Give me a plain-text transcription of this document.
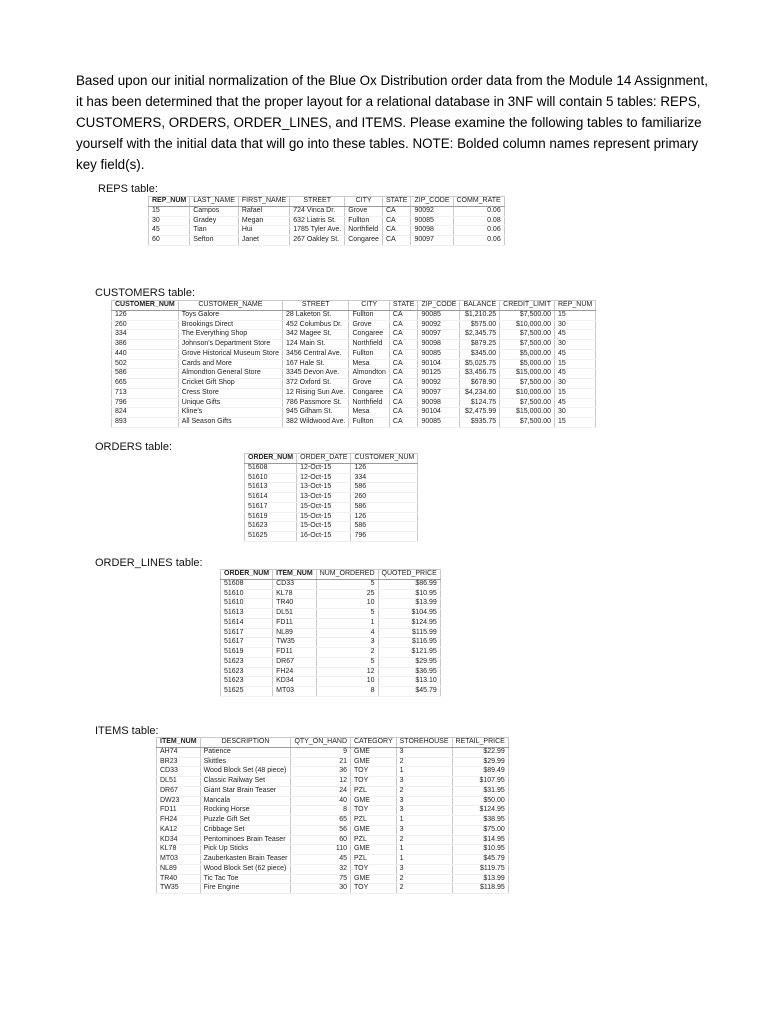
Based upon our initial normalization of the Blue Ox Distribution order data from the Module 14 Assignment, it has been determined that the proper layout for a relational database in 3NF will contain 5 tables: REPS, CUSTOMERS, ORDERS, ORDER_LINES, and ITEMS. Please examine the following tables to familiarize yourself with the initial data that will go into these tables. NOTE: Bolded column names represent primary key field(s).

REPS table:
REP_NUM	LAST_NAME	FIRST_NAME	STREET	CITY	STATE	ZIP_CODE	COMM_RATE
15	Campos	Rafael	724 Vinca Dr.	Grove	CA	90092	0.06
30	Gradey	Megan	632 Liatris St.	Fullton	CA	90085	0.08
45	Tian	Hui	1785 Tyler Ave.	Northfield	CA	90098	0.06
60	Sefton	Janet	267 Oakley St.	Congaree	CA	90097	0.06
CUSTOMERS table:
CUSTOMER_NUM	CUSTOMER_NAME	STREET	CITY	STATE	ZIP_CODE	BALANCE	CREDIT_LIMIT	REP_NUM
126	Toys Galore	28 Laketon St.	Fullton	CA	90085	$1,210.25	$7,500.00	15
260	Brookings Direct	452 Columbus Dr.	Grove	CA	90092	$575.00	$10,000.00	30
334	The Everything Shop	342 Magee St.	Congaree	CA	90097	$2,345.75	$7,500.00	45
386	Johnson's Department Store	124 Main St.	Northfield	CA	90098	$879.25	$7,500.00	30
440	Grove Historical Museum Store	3456 Central Ave.	Fullton	CA	90085	$345.00	$5,000.00	45
502	Cards and More	167 Hale St.	Mesa	CA	90104	$5,025.75	$5,000.00	15
586	Almondton General Store	3345 Devon Ave.	Almondton	CA	90125	$3,456.75	$15,000.00	45
665	Cricket Gift Shop	372 Oxford St.	Grove	CA	90092	$678.90	$7,500.00	30
713	Cress Store	12 Rising Sun Ave.	Congaree	CA	90097	$4,234.60	$10,000.00	15
796	Unique Gifts	786 Passmore St.	Northfield	CA	90098	$124.75	$7,500.00	45
824	Kline's	945 Gilham St.	Mesa	CA	90104	$2,475.99	$15,000.00	30
893	All Season Gifts	382 Wildwood Ave.	Fullton	CA	90085	$935.75	$7,500.00	15
ORDERS table:
ORDER_NUM	ORDER_DATE	CUSTOMER_NUM
51608	12-Oct-15	126
51610	12-Oct-15	334
51613	13-Oct-15	586
51614	13-Oct-15	260
51617	15-Oct-15	586
51619	15-Oct-15	126
51623	15-Oct-15	586
51625	16-Oct-15	796
ORDER_LINES table:
ORDER_NUM	ITEM_NUM	NUM_ORDERED	QUOTED_PRICE
51608	CD33	5	$86.99
51610	KL78	25	$10.95
51610	TR40	10	$13.99
51613	DL51	5	$104.95
51614	FD11	1	$124.95
51617	NL89	4	$115.99
51617	TW35	3	$116.95
51619	FD11	2	$121.95
51623	DR67	5	$29.95
51623	FH24	12	$36.95
51623	KD34	10	$13.10
51625	MT03	8	$45.79
ITEMS table:
ITEM_NUM	DESCRIPTION	QTY_ON_HAND	CATEGORY	STOREHOUSE	RETAIL_PRICE
AH74	Patience	9	GME	3	$22.99
BR23	Skittles	21	GME	2	$29.99
CD33	Wood Block Set (48 piece)	36	TOY	1	$89.49
DL51	Classic Railway Set	12	TOY	3	$107.95
DR67	Giant Star Brain Teaser	24	PZL	2	$31.95
DW23	Mancala	40	GME	3	$50.00
FD11	Rocking Horse	8	TOY	3	$124.95
FH24	Puzzle Gift Set	65	PZL	1	$38.95
KA12	Cribbage Set	56	GME	3	$75.00
KD34	Pentominoes Brain Teaser	60	PZL	2	$14.95
KL78	Pick Up Sticks	110	GME	1	$10.95
MT03	Zauberkasten Brain Teaser	45	PZL	1	$45.79
NL89	Wood Block Set (62 piece)	32	TOY	3	$119.75
TR40	Tic Tac Toe	75	GME	2	$13.99
TW35	Fire Engine	30	TOY	2	$118.95
